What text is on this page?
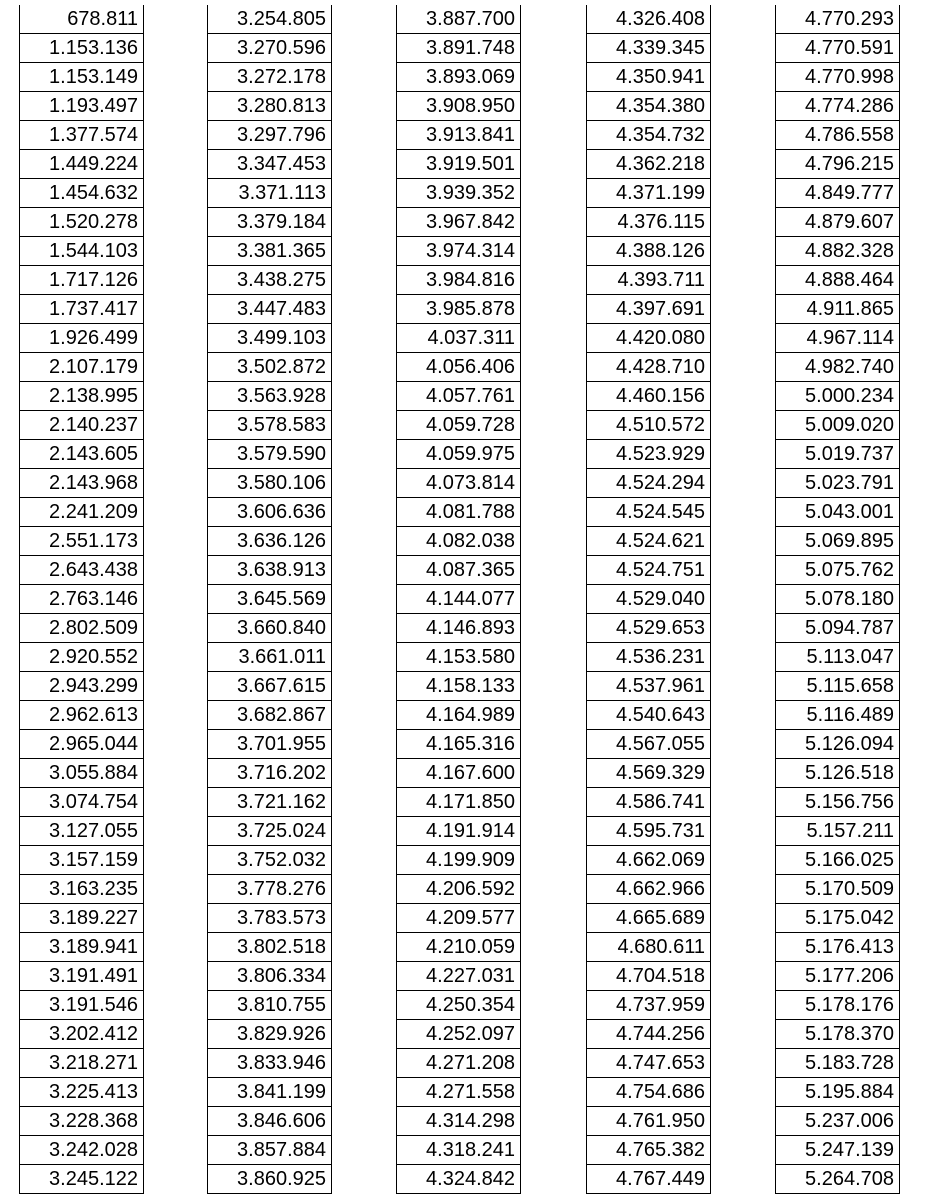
678.811
1.153.136
1.153.149
1.193.497
1.377.574
1.449.224
1.454.632
1.520.278
1.544.103
1.717.126
1.737.417
1.926.499
2.107.179
2.138.995
2.140.237
2.143.605
2.143.968
2.241.209
2.551.173
2.643.438
2.763.146
2.802.509
2.920.552
2.943.299
2.962.613
2.965.044
3.055.884
3.074.754
3.127.055
3.157.159
3.163.235
3.189.227
3.189.941
3.191.491
3.191.546
3.202.412
3.218.271
3.225.413
3.228.368
3.242.028
3.245.122
3.254.805
3.270.596
3.272.178
3.280.813
3.297.796
3.347.453
3.371.113
3.379.184
3.381.365
3.438.275
3.447.483
3.499.103
3.502.872
3.563.928
3.578.583
3.579.590
3.580.106
3.606.636
3.636.126
3.638.913
3.645.569
3.660.840
3.661.011
3.667.615
3.682.867
3.701.955
3.716.202
3.721.162
3.725.024
3.752.032
3.778.276
3.783.573
3.802.518
3.806.334
3.810.755
3.829.926
3.833.946
3.841.199
3.846.606
3.857.884
3.860.925
3.887.700
3.891.748
3.893.069
3.908.950
3.913.841
3.919.501
3.939.352
3.967.842
3.974.314
3.984.816
3.985.878
4.037.311
4.056.406
4.057.761
4.059.728
4.059.975
4.073.814
4.081.788
4.082.038
4.087.365
4.144.077
4.146.893
4.153.580
4.158.133
4.164.989
4.165.316
4.167.600
4.171.850
4.191.914
4.199.909
4.206.592
4.209.577
4.210.059
4.227.031
4.250.354
4.252.097
4.271.208
4.271.558
4.314.298
4.318.241
4.324.842
4.326.408
4.339.345
4.350.941
4.354.380
4.354.732
4.362.218
4.371.199
4.376.115
4.388.126
4.393.711
4.397.691
4.420.080
4.428.710
4.460.156
4.510.572
4.523.929
4.524.294
4.524.545
4.524.621
4.524.751
4.529.040
4.529.653
4.536.231
4.537.961
4.540.643
4.567.055
4.569.329
4.586.741
4.595.731
4.662.069
4.662.966
4.665.689
4.680.611
4.704.518
4.737.959
4.744.256
4.747.653
4.754.686
4.761.950
4.765.382
4.767.449
4.770.293
4.770.591
4.770.998
4.774.286
4.786.558
4.796.215
4.849.777
4.879.607
4.882.328
4.888.464
4.911.865
4.967.114
4.982.740
5.000.234
5.009.020
5.019.737
5.023.791
5.043.001
5.069.895
5.075.762
5.078.180
5.094.787
5.113.047
5.115.658
5.116.489
5.126.094
5.126.518
5.156.756
5.157.211
5.166.025
5.170.509
5.175.042
5.176.413
5.177.206
5.178.176
5.178.370
5.183.728
5.195.884
5.237.006
5.247.139
5.264.708
